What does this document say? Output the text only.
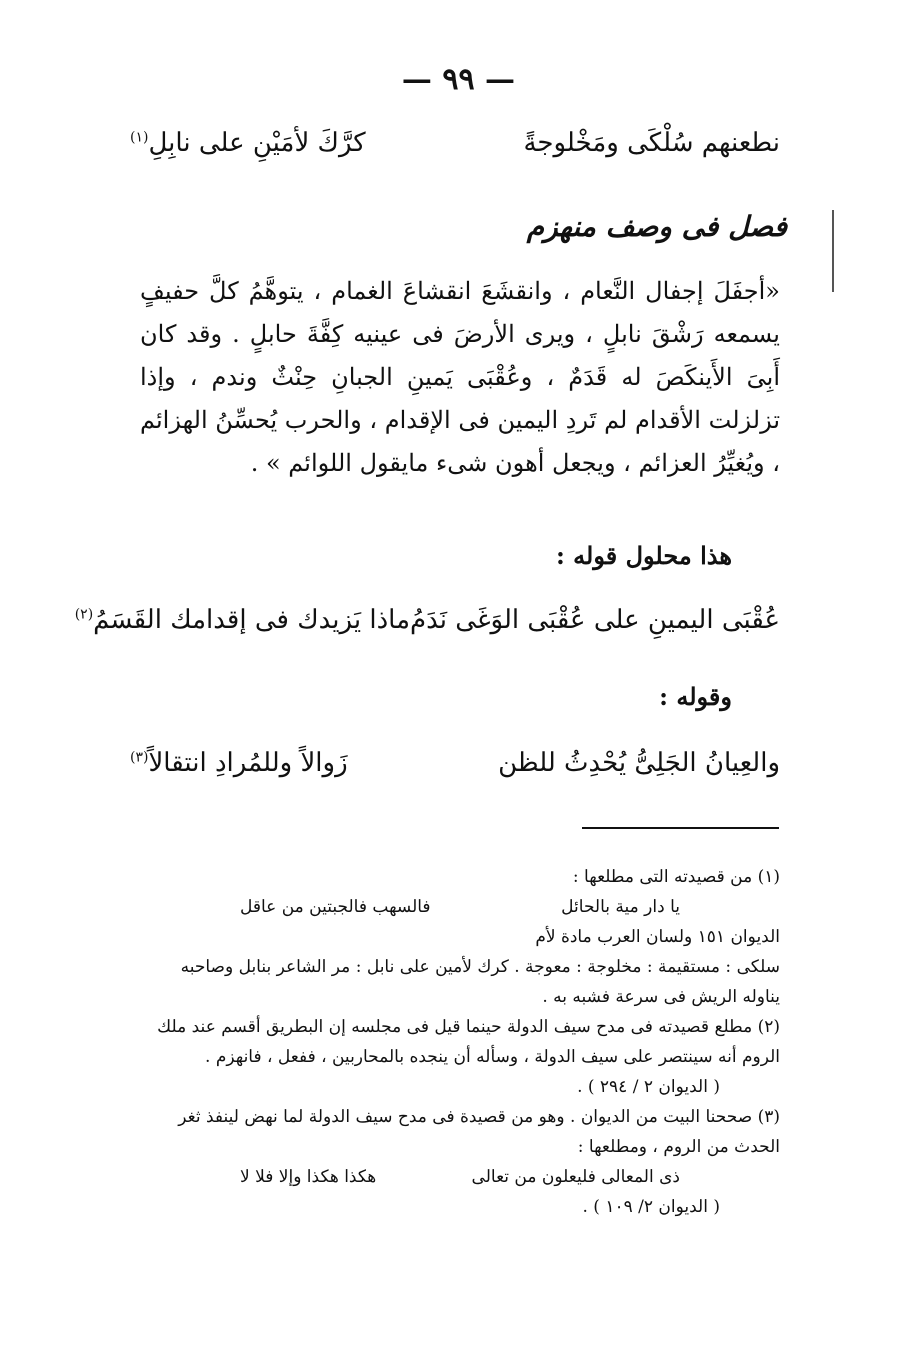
— ٩٩ —
نطعنهم سُلْكَى ومَخْلوجةً
كرَّكَ لأمَيْنِ على نابِلِ$^{(١)}$
فصل فى وصف منهزم
«أجفَلَ إجفال النَّعام ، وانقشَعَ انقشاعَ الغمام ، يتوهَّمُ كلَّ حفيفٍ يسمعه رَشْقَ نابلٍ ، ويرى الأرضَ فى عينيه كِفَّةَ حابلٍ . وقد كان أَبِىَ الأَينكَصَ له قَدَمٌ ، وعُقْبَى يَمينِ الجبانِ حِنْثٌ وندم ، وإذا تزلزلت الأقدام لم تَردِ اليمين فى الإقدام ، والحرب يُحسِّنُ الهزائم ، ويُغيِّرُ العزائم ، ويجعل أهون شىء مايقول اللوائم » .
هذا محلول قوله :
عُقْبَى اليمينِ على عُقْبَى الوَغَى نَدَمُ
ماذا يَزيدك فى إقدامك القَسَمُ$^{(٢)}$
وقوله :
والعِيانُ الجَلِىُّ يُحْدِثُ للظن
زَوالاً وللمُرادِ انتقالاً$^{(٣)}$

(١) من قصيدته التى مطلعها :

يا دار مية بالحائل
فالسهب فالجبتين من عاقل

الديوان ١٥١ ولسان العرب مادة لأم

سلكى : مستقيمة : مخلوجة : معوجة . كرك لأمين على نابل : مر الشاعر بنابل وصاحبه يناوله الريش فى سرعة فشبه به .

(٢) مطلع قصيدته فى مدح سيف الدولة حينما قيل فى مجلسه إن البطريق أقسم عند ملك الروم أنه سينتصر على سيف الدولة ، وسأله أن ينجده بالمحاربين ، ففعل ، فانهزم .

( الديوان ٢ / ٢٩٤ ) .

(٣) صححنا البيت من الديوان . وهو من قصيدة فى مدح سيف الدولة لما نهض لينفذ ثغر الحدث من الروم ، ومطلعها :

ذى المعالى فليعلون من تعالى
هكذا هكذا وإلا فلا لا

( الديوان ٢/ ١٠٩ ) .
